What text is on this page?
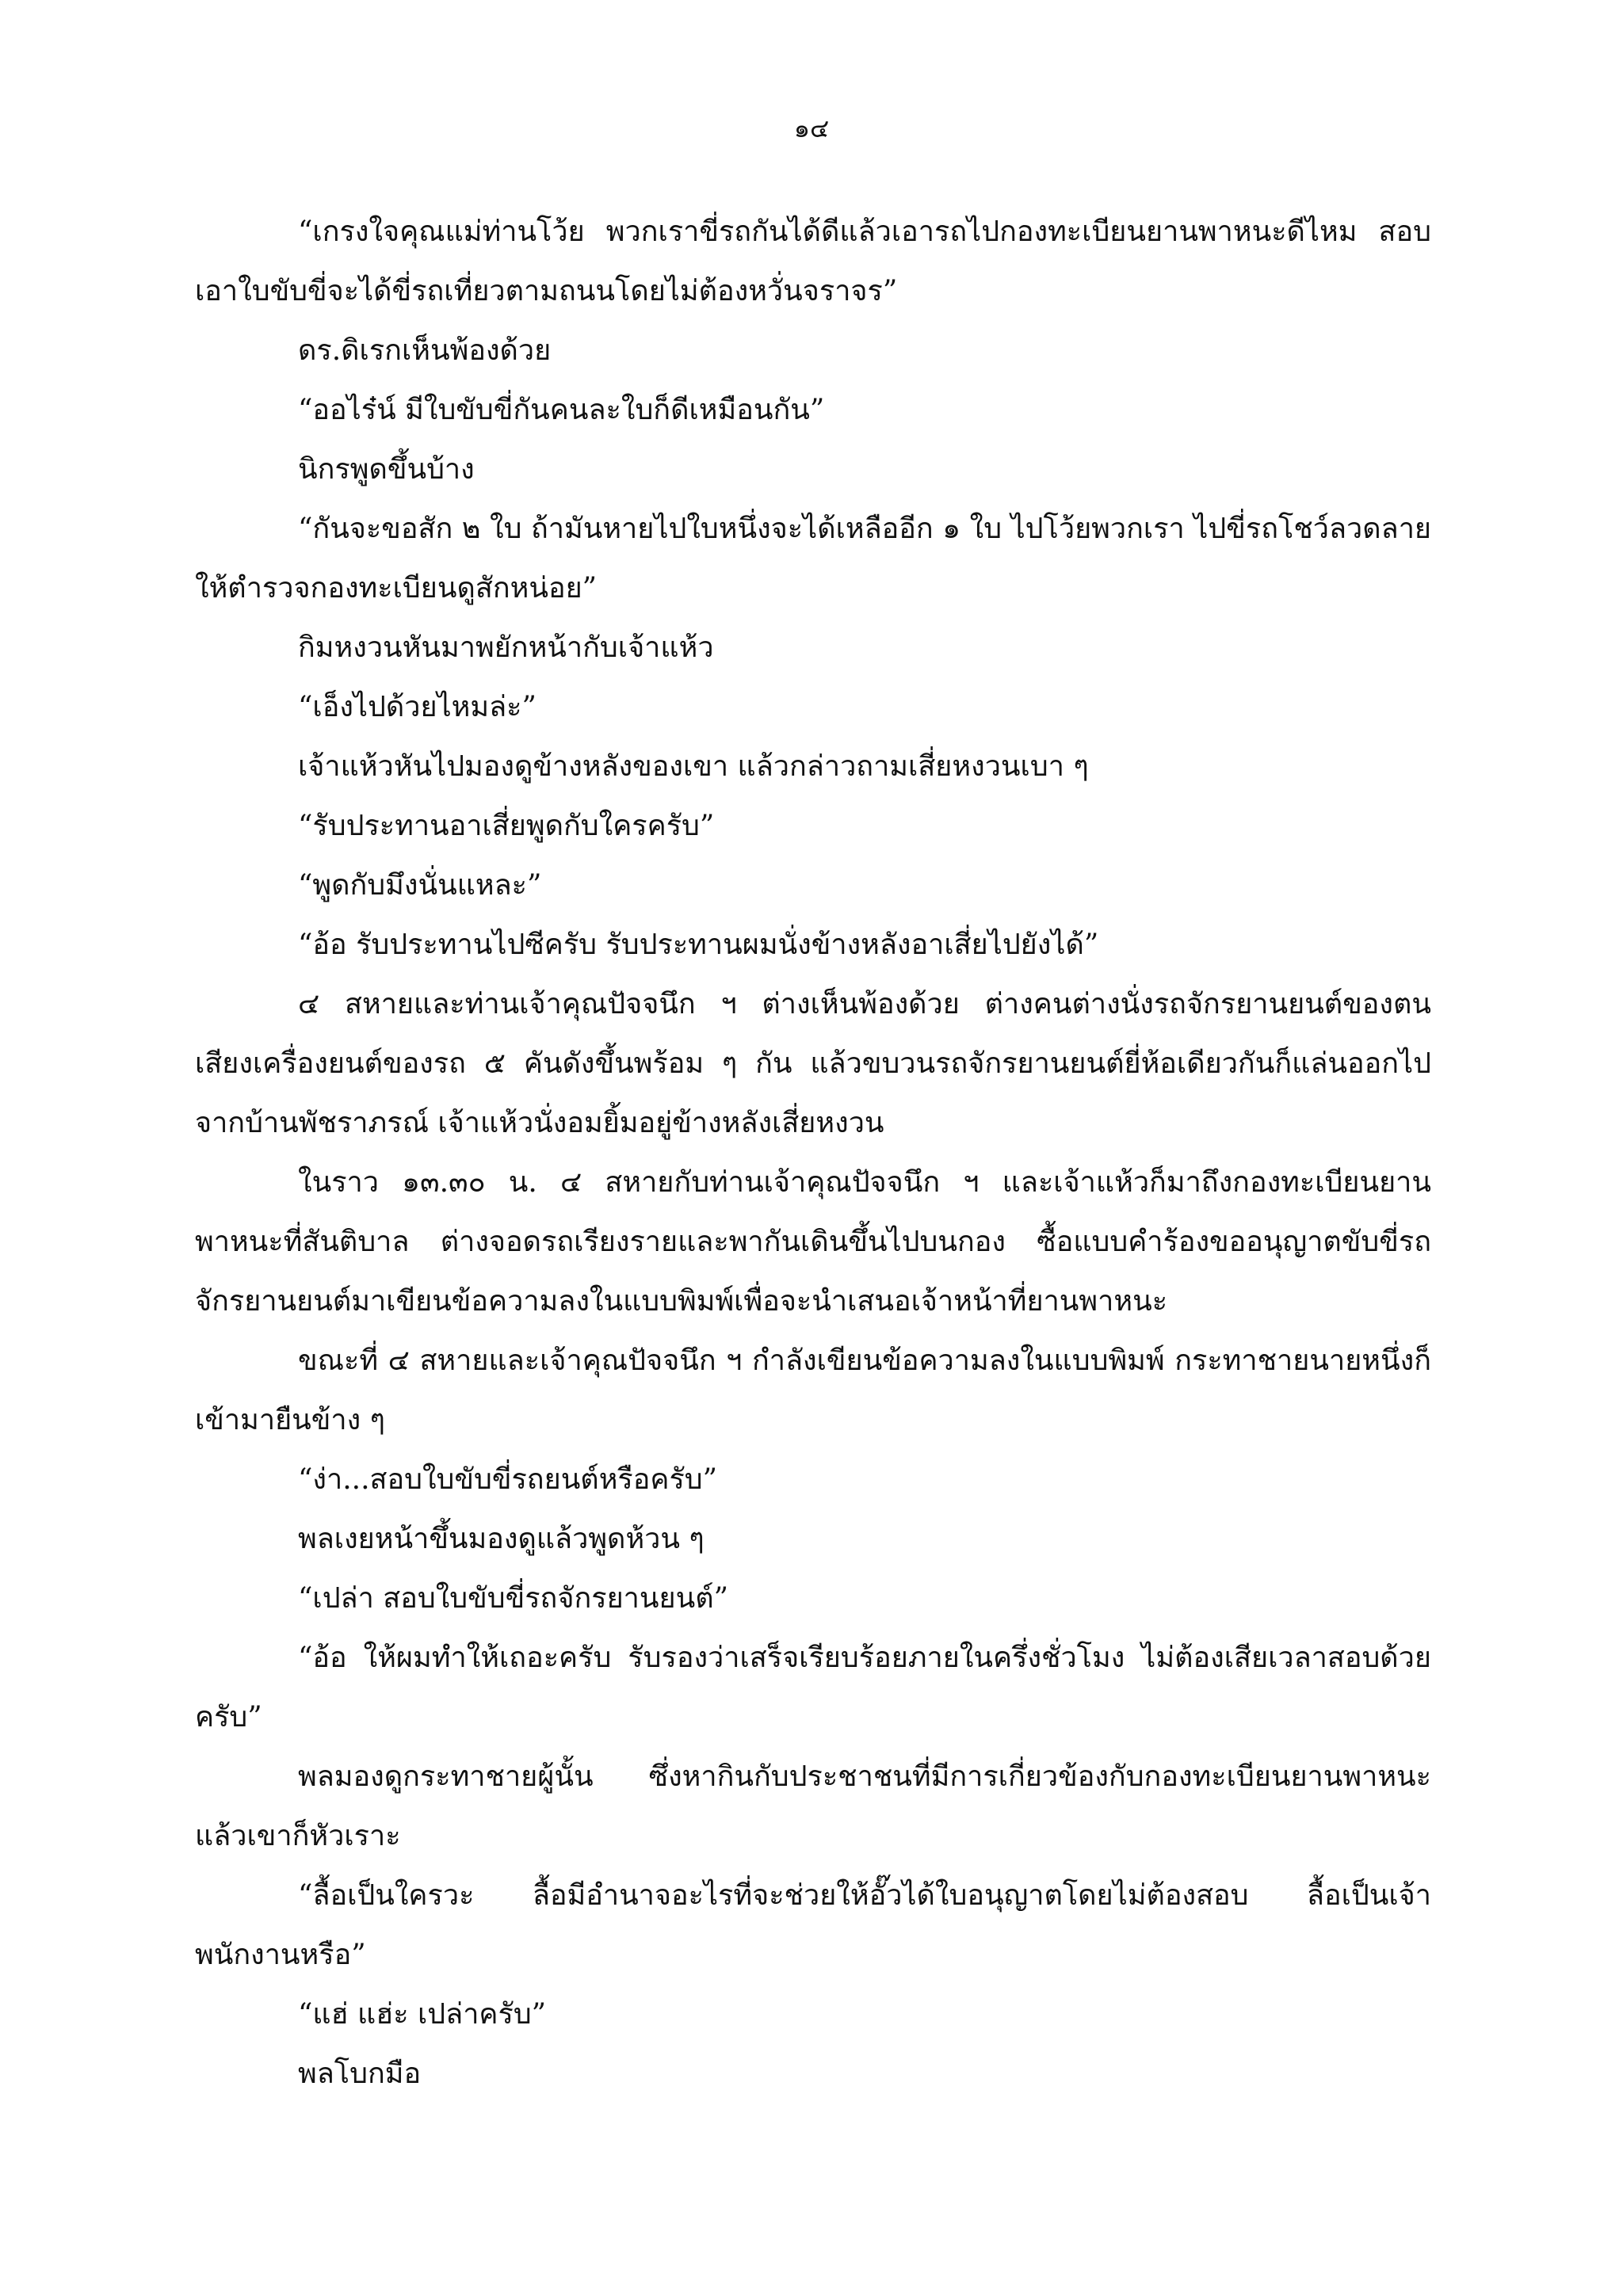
๑๔

“เกรงใจคุณแม่ท่านโว้ย พวกเราขี่รถกันได้ดีแล้วเอารถไปกองทะเบียนยานพาหนะดีไหม สอบเอาใบขับขี่จะได้ขี่รถเที่ยวตามถนนโดยไม่ต้องหวั่นจราจร”

ดร.ดิเรกเห็นพ้องด้วย

“ออไร๋น์ มีใบขับขี่กันคนละใบก็ดีเหมือนกัน”

นิกรพูดขึ้นบ้าง

“กันจะขอสัก ๒ ใบ ถ้ามันหายไปใบหนึ่งจะได้เหลืออีก ๑ ใบ ไปโว้ยพวกเรา ไปขี่รถโชว์ลวดลายให้ตำรวจกองทะเบียนดูสักหน่อย”

กิมหงวนหันมาพยักหน้ากับเจ้าแห้ว

“เอ็งไปด้วยไหมล่ะ”

เจ้าแห้วหันไปมองดูข้างหลังของเขา แล้วกล่าวถามเสี่ยหงวนเบา ๆ

“รับประทานอาเสี่ยพูดกับใครครับ”

“พูดกับมึงนั่นแหละ”

“อ้อ รับประทานไปซีครับ รับประทานผมนั่งข้างหลังอาเสี่ยไปยังได้”

๔ สหายและท่านเจ้าคุณปัจจนึก ฯ ต่างเห็นพ้องด้วย ต่างคนต่างนั่งรถจักรยานยนต์ของตน เสียงเครื่องยนต์ของรถ ๕ คันดังขึ้นพร้อม ๆ กัน แล้วขบวนรถจักรยานยนต์ยี่ห้อเดียวกันก็แล่นออกไปจากบ้านพัชราภรณ์ เจ้าแห้วนั่งอมยิ้มอยู่ข้างหลังเสี่ยหงวน

ในราว ๑๓.๓๐ น. ๔ สหายกับท่านเจ้าคุณปัจจนึก ฯ และเจ้าแห้วก็มาถึงกองทะเบียนยานพาหนะที่สันติบาล ต่างจอดรถเรียงรายและพากันเดินขึ้นไปบนกอง ซื้อแบบคำร้องขออนุญาตขับขี่รถจักรยานยนต์มาเขียนข้อความลงในแบบพิมพ์เพื่อจะนำเสนอเจ้าหน้าที่ยานพาหนะ

ขณะที่ ๔ สหายและเจ้าคุณปัจจนึก ฯ กำลังเขียนข้อความลงในแบบพิมพ์ กระทาชายนายหนึ่งก็เข้ามายืนข้าง ๆ

“ง่า...สอบใบขับขี่รถยนต์หรือครับ”

พลเงยหน้าขึ้นมองดูแล้วพูดห้วน ๆ

“เปล่า สอบใบขับขี่รถจักรยานยนต์”

“อ้อ ให้ผมทำให้เถอะครับ รับรองว่าเสร็จเรียบร้อยภายในครึ่งชั่วโมง ไม่ต้องเสียเวลาสอบด้วยครับ”

พลมองดูกระทาชายผู้นั้น ซึ่งหากินกับประชาชนที่มีการเกี่ยวข้องกับกองทะเบียนยานพาหนะแล้วเขาก็หัวเราะ

“ลื้อเป็นใครวะ ลื้อมีอำนาจอะไรที่จะช่วยให้อั๊วได้ใบอนุญาตโดยไม่ต้องสอบ ลื้อเป็นเจ้าพนักงานหรือ”

“แฮ่ แฮ่ะ เปล่าครับ”

พลโบกมือ
